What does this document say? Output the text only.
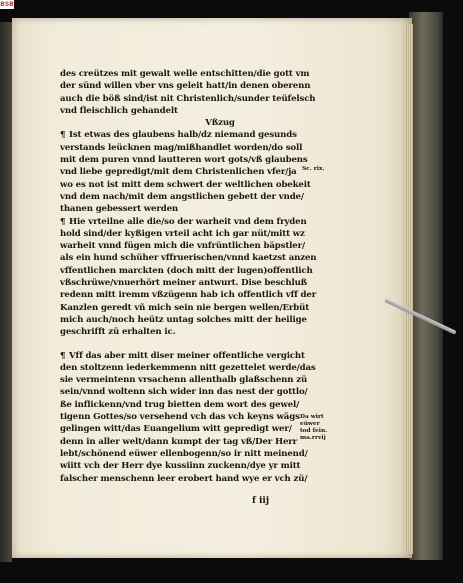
BSB
des creützes mit gewalt welle entschitten/die gott vm
der sünd willen vber vns geleit hatt/in denen oberenn
auch die böß sind/ist nit Christenlich/sunder teüfelsch
vnd fleischlich gehandelt
Vßzug
¶ Ist etwas des glaubens halb/dz niemand gesunds
verstands leücknen mag/mißhandlet worden/do soll
mit dem puren vnnd lautteren wort gots/vß glaubens
vnd liebe gepredigt/mit dem Christenlichen vfer/ja
wo es not ist mitt dem schwert der weltlichen obekeit
vnd dem nach/mit dem angstlichen gebett der vnde/
thanen gebessert werden
¶ Hie vrteilne alle die/so der warheit vnd dem fryden
hold sind/der kyßigen vrteil acht ich gar nüt/mitt wz
warheit vnnd fügen mich die vnfrüntlichen bäpstler/
als ein hund schüher vffruerischen/vnnd kaetzst anzen
vffentlichen marckten (doch mitt der lugen)offentlich
vßschrüwe/vnuerhört meiner antwurt. Dise beschluß
redenn mitt iremm vßzügenn hab ich offentlich vff der
Kanzlen geredt vñ mich sein nie bergen wellen/Erbüt
mich auch/noch heütz untag solches mitt der heilige
geschrifft zü erhalten ic.
¶ Vff das aber mitt diser meiner offentliche vergicht
den stoltzenn iederkemmenn nitt gezettelet werde/das
sie vermeintenn vrsachenn allenthalb glaßschenn zü
sein/vnnd woltenn sich wider inn das nest der gottlo/
ße inflickenn/vnd trug bietten dem wort des gewel/
tigenn Gottes/so versehend vch das vch keyns wägs
gelingen witt/das Euangelium witt gepredigt wer/
denn in aller welt/dann kumpt der tag vß/Der Herr
lebt/schönend eüwer ellenbogenn/so ir nitt meinend/
wiitt vch der Herr dye kussiinn zuckenn/dye yr mitt
falscher menschenn leer erobert hand wye er vch zü/
Sc. rix.
Da wirt
eüwer
tod fein.
ma.rrvij
f iij
